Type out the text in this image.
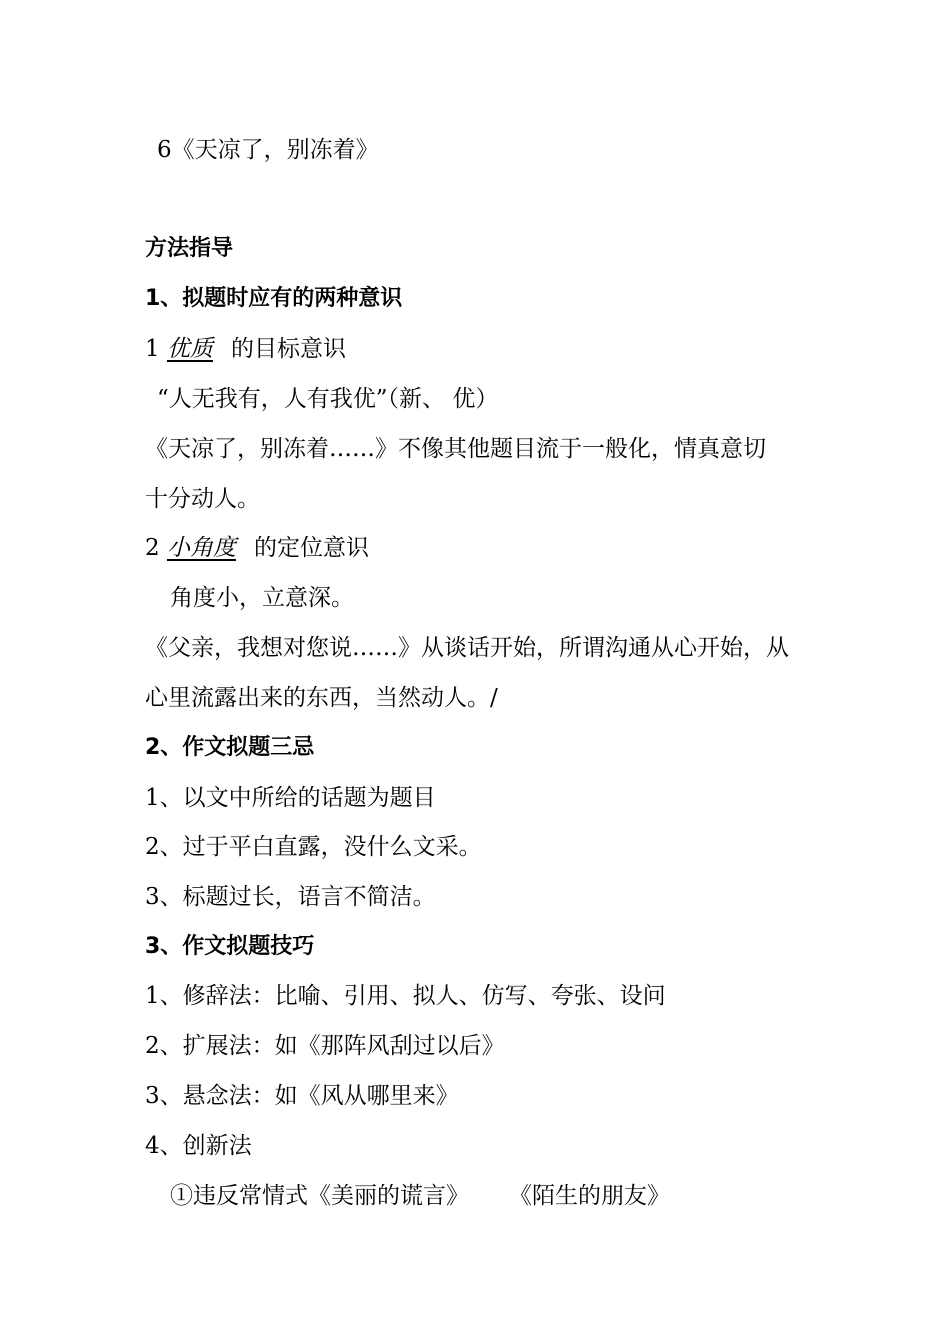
6《天凉了，别冻着》
方法指导
1、拟题时应有的两种意识
1 优质 的目标意识
“人无我有，人有我优”（新、 优）
《天凉了，别冻着……》不像其他题目流于一般化，情真意切
十分动人。
2 小角度 的定位意识
角度小，立意深。
《父亲，我想对您说……》从谈话开始，所谓沟通从心开始，从
心里流露出来的东西，当然动人。/
2、作文拟题三忌
1、以文中所给的话题为题目
2、过于平白直露，没什么文采。
3、标题过长，语言不简洁。
3、作文拟题技巧
1、修辞法：比喻、引用、拟人、仿写、夸张、设问
2、扩展法：如《那阵风刮过以后》
3、悬念法：如《风从哪里来》
4、创新法
①违反常情式《美丽的谎言》 《陌生的朋友》
